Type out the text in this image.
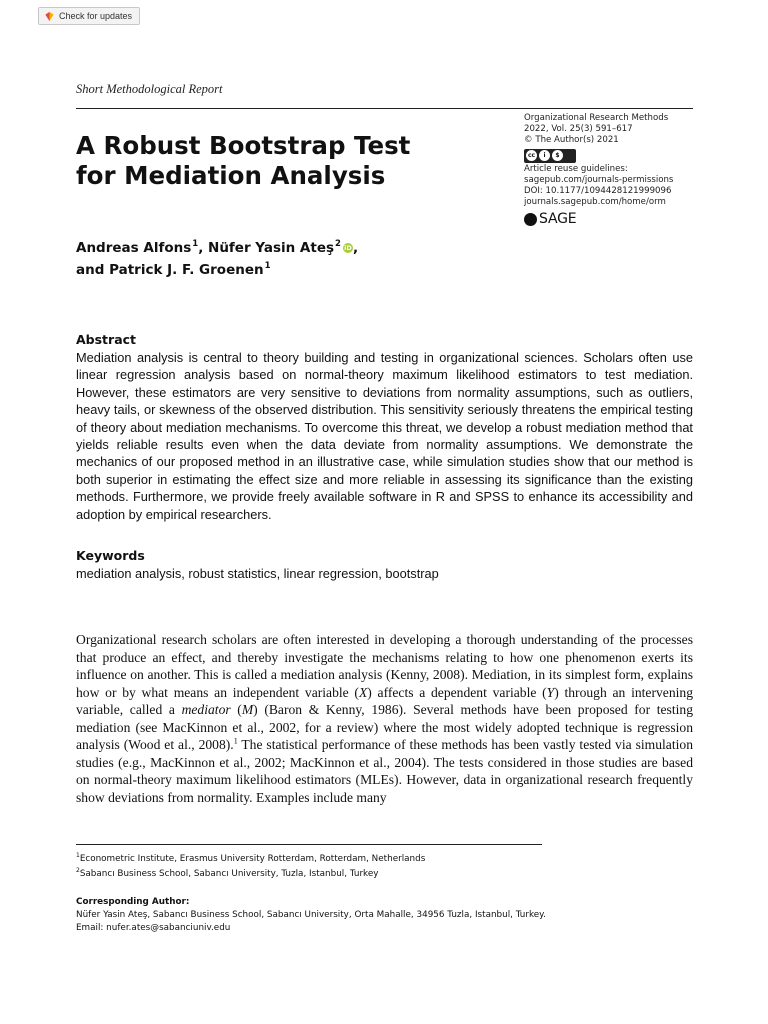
Check for updates
Short Methodological Report
A Robust Bootstrap Test
for Mediation Analysis
Organizational Research Methods
2022, Vol. 25(3) 591–617
© The Author(s) 2021
cc	i	$
Article reuse guidelines:
sagepub.com/journals-permissions
DOI: 10.1177/1094428121999096
journals.sagepub.com/home/orm
SAGE
Andreas Alfons$^1$ , Nüfer Yasin Ateş$^2$ iD ,
and Patrick J. F. Groenen$^1$
Abstract
Mediation analysis is central to theory building and testing in organizational sciences. Scholars often use linear regression analysis based on normal-theory maximum likelihood estimators to test mediation. However, these estimators are very sensitive to deviations from normality assumptions, such as outliers, heavy tails, or skewness of the observed distribution. This sensitivity seriously threatens the empirical testing of theory about mediation mechanisms. To overcome this threat, we develop a robust mediation method that yields reliable results even when the data deviate from normality assumptions. We demonstrate the mechanics of our proposed method in an illustrative case, while simulation studies show that our method is both superior in estimating the effect size and more reliable in assessing its significance than the existing methods. Furthermore, we provide freely available software in R and SPSS to enhance its accessibility and adoption by empirical researchers.
Keywords
mediation analysis, robust statistics, linear regression, bootstrap
Organizational research scholars are often interested in developing a thorough understanding of the processes that produce an effect, and thereby investigate the mechanisms relating to how one phenomenon exerts its influence on another. This is called a mediation analysis (Kenny, 2008). Mediation, in its simplest form, explains how or by what means an independent variable (X) affects a dependent variable (Y) through an intervening variable, called a mediator (M) (Baron & Kenny, 1986). Several methods have been proposed for testing mediation (see MacKinnon et al., 2002, for a review) where the most widely adopted technique is regression analysis (Wood et al., 2008).$^1$ The statistical performance of these methods has been vastly tested via simulation studies (e.g., MacKinnon et al., 2002; MacKinnon et al., 2004). The tests considered in those studies are based on normal-theory maximum likelihood estimators (MLEs). However, data in organizational research frequently show deviations from normality. Examples include many
$^1$Econometric Institute, Erasmus University Rotterdam, Rotterdam, Netherlands
$^2$Sabancı Business School, Sabancı University, Tuzla, Istanbul, Turkey
Corresponding Author:
Nüfer Yasin Ateş, Sabancı Business School, Sabancı University, Orta Mahalle, 34956 Tuzla, Istanbul, Turkey.
Email: nufer.ates@sabanciuniv.edu
